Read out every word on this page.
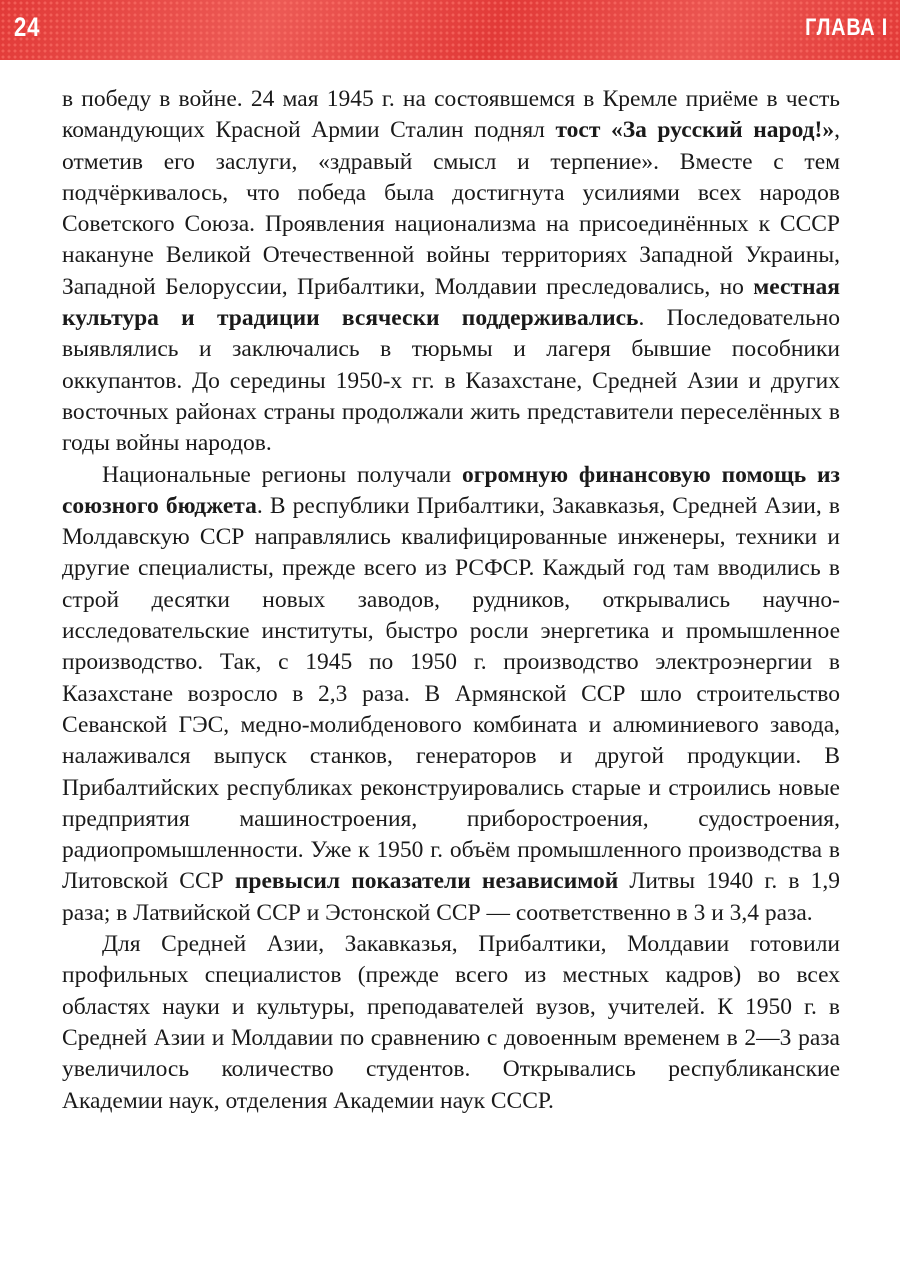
24	ГЛАВА I

в победу в войне. 24 мая 1945 г. на состоявшемся в Кремле приёме в честь командующих Красной Армии Сталин поднял тост «За русский народ!», отметив его заслуги, «здравый смысл и терпение». Вместе с тем подчёркивалось, что победа была достигнута усилиями всех народов Советского Союза. Проявления национализма на присоединённых к СССР накануне Великой Отечественной войны территориях Западной Украины, Западной Белоруссии, Прибалтики, Молдавии преследовались, но местная культура и традиции всячески поддерживались. Последовательно выявлялись и заключались в тюрьмы и лагеря бывшие пособники оккупантов. До середины 1950-х гг. в Казахстане, Средней Азии и других восточных районах страны продолжали жить представители переселённых в годы войны народов.

Национальные регионы получали огромную финансовую помощь из союзного бюджета. В республики Прибалтики, Закавказья, Средней Азии, в Молдавскую ССР направлялись квалифицированные инженеры, техники и другие специалисты, прежде всего из РСФСР. Каждый год там вводились в строй десятки новых заводов, рудников, открывались научно-исследовательские институты, быстро росли энергетика и промышленное производство. Так, с 1945 по 1950 г. производство электроэнергии в Казахстане возросло в 2,3 раза. В Армянской ССР шло строительство Севанской ГЭС, медно-молибденового комбината и алюминиевого завода, налаживался выпуск станков, генераторов и другой продукции. В Прибалтийских республиках реконструировались старые и строились новые предприятия машиностроения, приборостроения, судостроения, радиопромышленности. Уже к 1950 г. объём промышленного производства в Литовской ССР превысил показатели независимой Литвы 1940 г. в 1,9 раза; в Латвийской ССР и Эстонской ССР — соответственно в 3 и 3,4 раза.

Для Средней Азии, Закавказья, Прибалтики, Молдавии готовили профильных специалистов (прежде всего из местных кадров) во всех областях науки и культуры, преподавателей вузов, учителей. К 1950 г. в Средней Азии и Молдавии по сравнению с довоенным временем в 2—3 раза увеличилось количество студентов. Открывались республиканские Академии наук, отделения Академии наук СССР.
